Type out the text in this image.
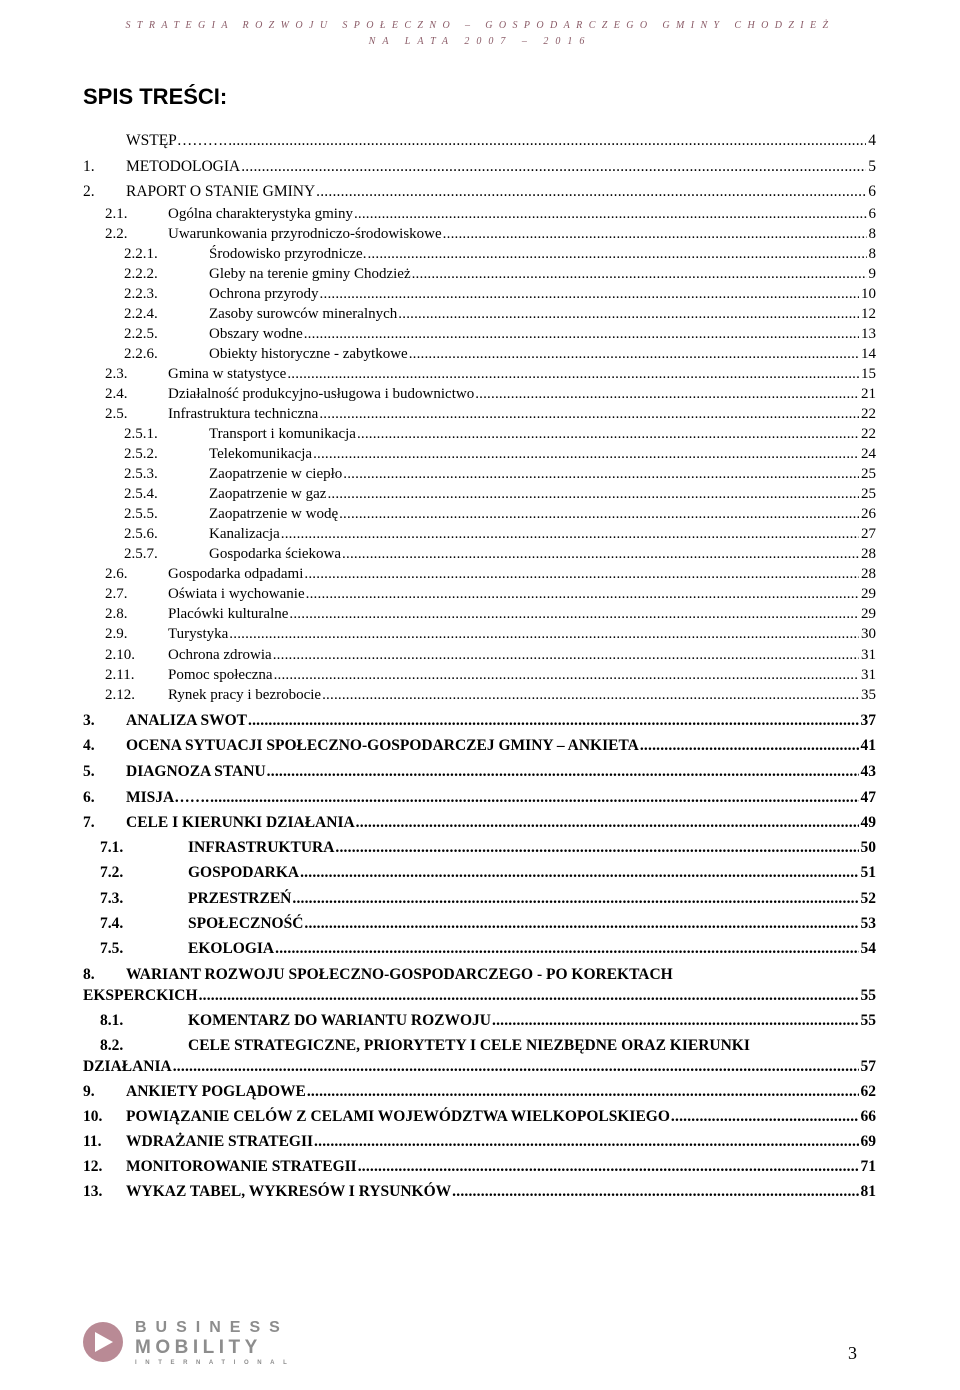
STRATEGIA ROZWOJU SPOŁECZNO – GOSPODARCZEGO GMINY CHODZIEŻ
NA LATA 2007 – 2016
SPIS TREŚCI:
WSTĘP………. .....	4
1.	METODOLOGIA .....	5
2.	RAPORT O STANIE GMINY .....	6
2.1.	Ogólna charakterystyka gminy .....	6
2.2.	Uwarunkowania przyrodniczo-środowiskowe .....	8
2.2.1.	Środowisko przyrodnicze. .....	8
2.2.2.	Gleby na terenie gminy Chodzież .....	9
2.2.3.	Ochrona przyrody .....	10
2.2.4.	Zasoby surowców mineralnych .....	12
2.2.5.	Obszary wodne .....	13
2.2.6.	Obiekty historyczne - zabytkowe .....	14
2.3.	Gmina w statystyce .....	15
2.4.	Działalność produkcyjno-usługowa i budownictwo .....	21
2.5.	Infrastruktura techniczna .....	22
2.5.1.	Transport i komunikacja .....	22
2.5.2.	Telekomunikacja .....	24
2.5.3.	Zaopatrzenie w ciepło .....	25
2.5.4.	Zaopatrzenie w gaz .....	25
2.5.5.	Zaopatrzenie w wodę .....	26
2.5.6.	Kanalizacja .....	27
2.5.7.	Gospodarka ściekowa .....	28
2.6.	Gospodarka odpadami .....	28
2.7.	Oświata i wychowanie .....	29
2.8.	Placówki kulturalne .....	29
2.9.	Turystyka .....	30
2.10.	Ochrona zdrowia .....	31
2.11.	Pomoc społeczna .....	31
2.12.	Rynek pracy i bezrobocie .....	35
3.	ANALIZA SWOT .....	37
4.	OCENA SYTUACJI SPOŁECZNO-GOSPODARCZEJ GMINY – ANKIETA .....	41
5.	DIAGNOZA STANU .....	43
6.	MISJA……. .....	47
7.	CELE I KIERUNKI DZIAŁANIA .....	49
7.1.	INFRASTRUKTURA .....	50
7.2.	GOSPODARKA .....	51
7.3.	PRZESTRZEŃ .....	52
7.4.	SPOŁECZNOŚĆ .....	53
7.5.	EKOLOGIA .....	54
8. WARIANT ROZWOJU SPOŁECZNO-GOSPODARCZEGO - PO KOREKTACH
EKSPERCKICH .....	55
8.1.	KOMENTARZ DO WARIANTU ROZWOJU .....	55
8.2.	CELE STRATEGICZNE, PRIORYTETY I CELE NIEZBĘDNE ORAZ KIERUNKI
DZIAŁANIA .....	57
9.	ANKIETY POGLĄDOWE .....	62
10.	POWIĄZANIE CELÓW Z CELAMI WOJEWÓDZTWA WIELKOPOLSKIEGO .....	66
11.	WDRAŻANIE STRATEGII .....	69
12.	MONITOROWANIE STRATEGII .....	71
13.	WYKAZ TABEL, WYKRESÓW I RYSUNKÓW .....	81
BUSINESS
MOBILITY
INTERNATIONAL	3
